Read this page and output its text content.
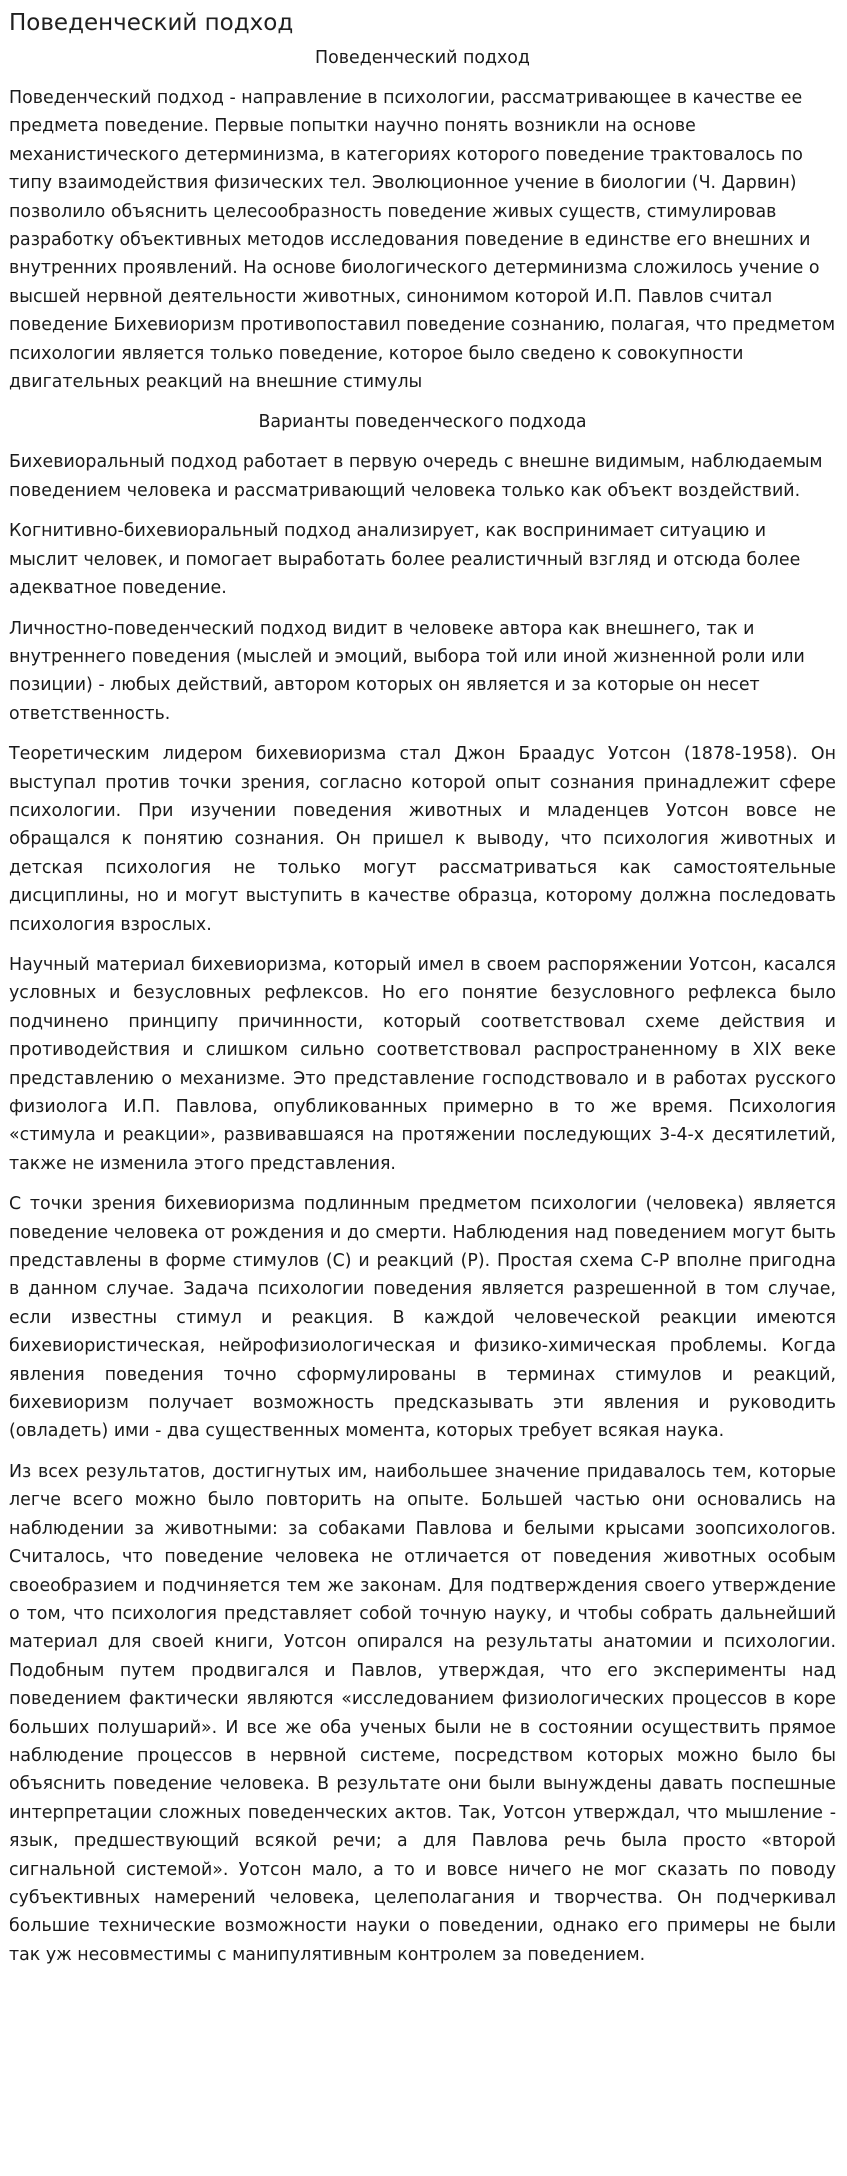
Поведенческий подход
Поведенческий подход

Поведенческий подход - направление в психологии, рассматривающее в качестве ее предмета поведение. Первые попытки научно понять возникли на основе механистического детерминизма, в категориях которого поведение трактовалось по типу взаимодействия физических тел. Эволюционное учение в биологии (Ч. Дарвин) позволило объяснить целесообразность поведение живых существ, стимулировав разработку объективных методов исследования поведение в единстве его внешних и внутренних проявлений. На основе биологического детерминизма сложилось учение о высшей нервной деятельности животных, синонимом которой И.П. Павлов считал поведение Бихевиоризм противопоставил поведение сознанию, полагая, что предметом психологии является только поведение, которое было сведено к совокупности двигательных реакций на внешние стимулы

Варианты поведенческого подхода

Бихевиоральный подход работает в первую очередь с внешне видимым, наблюдаемым поведением человека и рассматривающий человека только как объект воздействий.

Когнитивно-бихевиоральный подход анализирует, как воспринимает ситуацию и мыслит человек, и помогает выработать более реалистичный взгляд и отсюда более адекватное поведение.

Личностно-поведенческий подход видит в человеке автора как внешнего, так и внутреннего поведения (мыслей и эмоций, выбора той или иной жизненной роли или позиции) - любых действий, автором которых он является и за которые он несет ответственность.

Теоретическим лидером бихевиоризма стал Джон Браадус Уотсон (1878-1958). Он выступал против точки зрения, согласно которой опыт сознания принадлежит сфере психологии. При изучении поведения животных и младенцев Уотсон вовсе не обращался к понятию сознания. Он пришел к выводу, что психология животных и детская психология не только могут рассматриваться как самостоятельные дисциплины, но и могут выступить в качестве образца, которому должна последовать психология взрослых.

Научный материал бихевиоризма, который имел в своем распоряжении Уотсон, касался условных и безусловных рефлексов. Но его понятие безусловного рефлекса было подчинено принципу причинности, который соответствовал схеме действия и противодействия и слишком сильно соответствовал распространенному в XIX веке представлению о механизме. Это представление господствовало и в работах русского физиолога И.П. Павлова, опубликованных примерно в то же время. Психология «стимула и реакции», развивавшаяся на протяжении последующих 3-4-х десятилетий, также не изменила этого представления.

С точки зрения бихевиоризма подлинным предметом психологии (человека) является поведение человека от рождения и до смерти. Наблюдения над поведением могут быть представлены в форме стимулов (С) и реакций (Р). Простая схема С-Р вполне пригодна в данном случае. Задача психологии поведения является разрешенной в том случае, если известны стимул и реакция. В каждой человеческой реакции имеются бихевиористическая, нейрофизиологическая и физико-химическая проблемы. Когда явления поведения точно сформулированы в терминах стимулов и реакций, бихевиоризм получает возможность предсказывать эти явления и руководить (овладеть) ими - два существенных момента, которых требует всякая наука.

Из всех результатов, достигнутых им, наибольшее значение придавалось тем, которые легче всего можно было повторить на опыте. Большей частью они основались на наблюдении за животными: за собаками Павлова и белыми крысами зоопсихологов. Считалось, что поведение человека не отличается от поведения животных особым своеобразием и подчиняется тем же законам. Для подтверждения своего утверждение о том, что психология представляет собой точную науку, и чтобы собрать дальнейший материал для своей книги, Уотсон опирался на результаты анатомии и психологии. Подобным путем продвигался и Павлов, утверждая, что его эксперименты над поведением фактически являются «исследованием физиологических процессов в коре больших полушарий». И все же оба ученых были не в состоянии осуществить прямое наблюдение процессов в нервной системе, посредством которых можно было бы объяснить поведение человека. В результате они были вынуждены давать поспешные интерпретации сложных поведенческих актов. Так, Уотсон утверждал, что мышление - язык, предшествующий всякой речи; а для Павлова речь была просто «второй сигнальной системой». Уотсон мало, а то и вовсе ничего не мог сказать по поводу субъективных намерений человека, целеполагания и творчества. Он подчеркивал большие технические возможности науки о поведении, однако его примеры не были так уж несовместимы с манипулятивным контролем за поведением.
